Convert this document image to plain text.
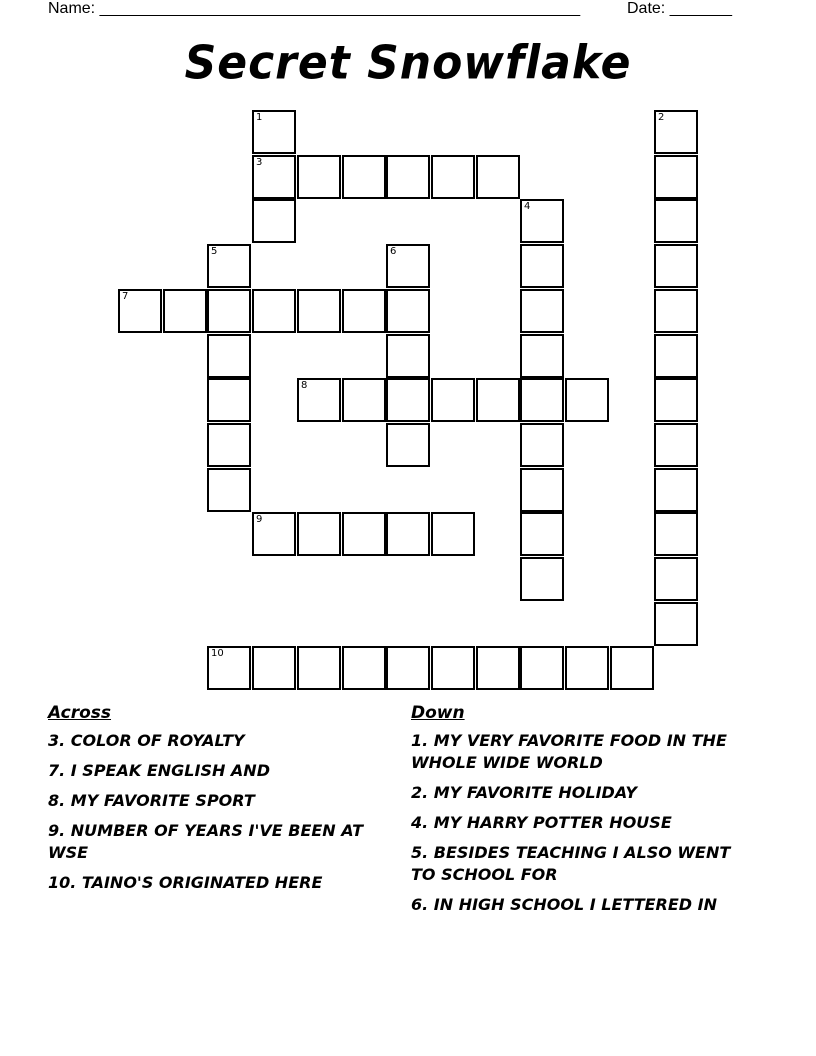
Name: ______________________________________________________	Date: _______
Secret Snowflake
1
3
2
4
5	6
7
8
9
10
Across
3. COLOR OF ROYALTY
7. I SPEAK ENGLISH AND
8. MY FAVORITE SPORT
9. NUMBER OF YEARS I'VE BEEN AT WSE
10. TAINO'S ORIGINATED HERE
Down
1. MY VERY FAVORITE FOOD IN THE WHOLE WIDE WORLD
2. MY FAVORITE HOLIDAY
4. MY HARRY POTTER HOUSE
5. BESIDES TEACHING I ALSO WENT TO SCHOOL FOR
6. IN HIGH SCHOOL I LETTERED IN
